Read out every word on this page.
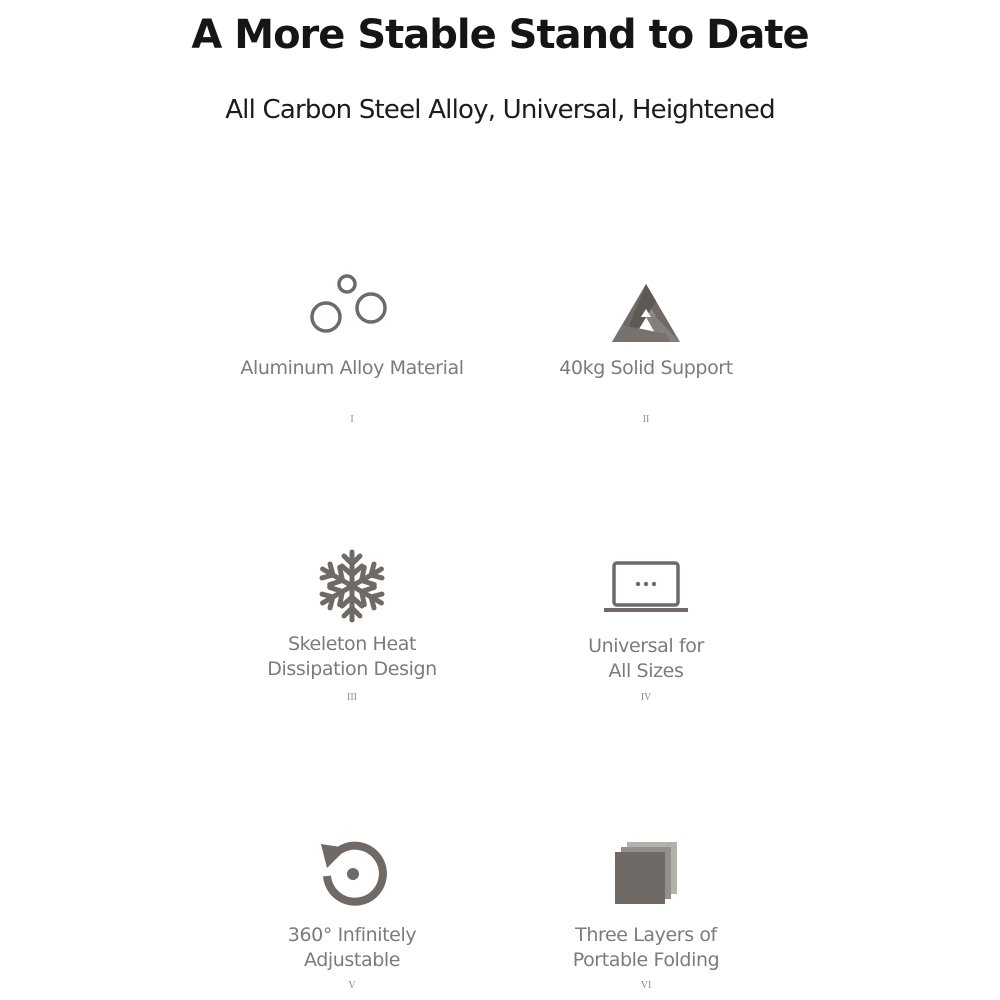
A More Stable Stand to Date

All Carbon Steel Alloy, Universal, Heightened

Aluminum Alloy Material
I
40kg Solid Support
II
Skeleton Heat
Dissipation Design
III
Universal for
All Sizes
IV
360° Infinitely
Adjustable
V
Three Layers of
Portable Folding
VI
